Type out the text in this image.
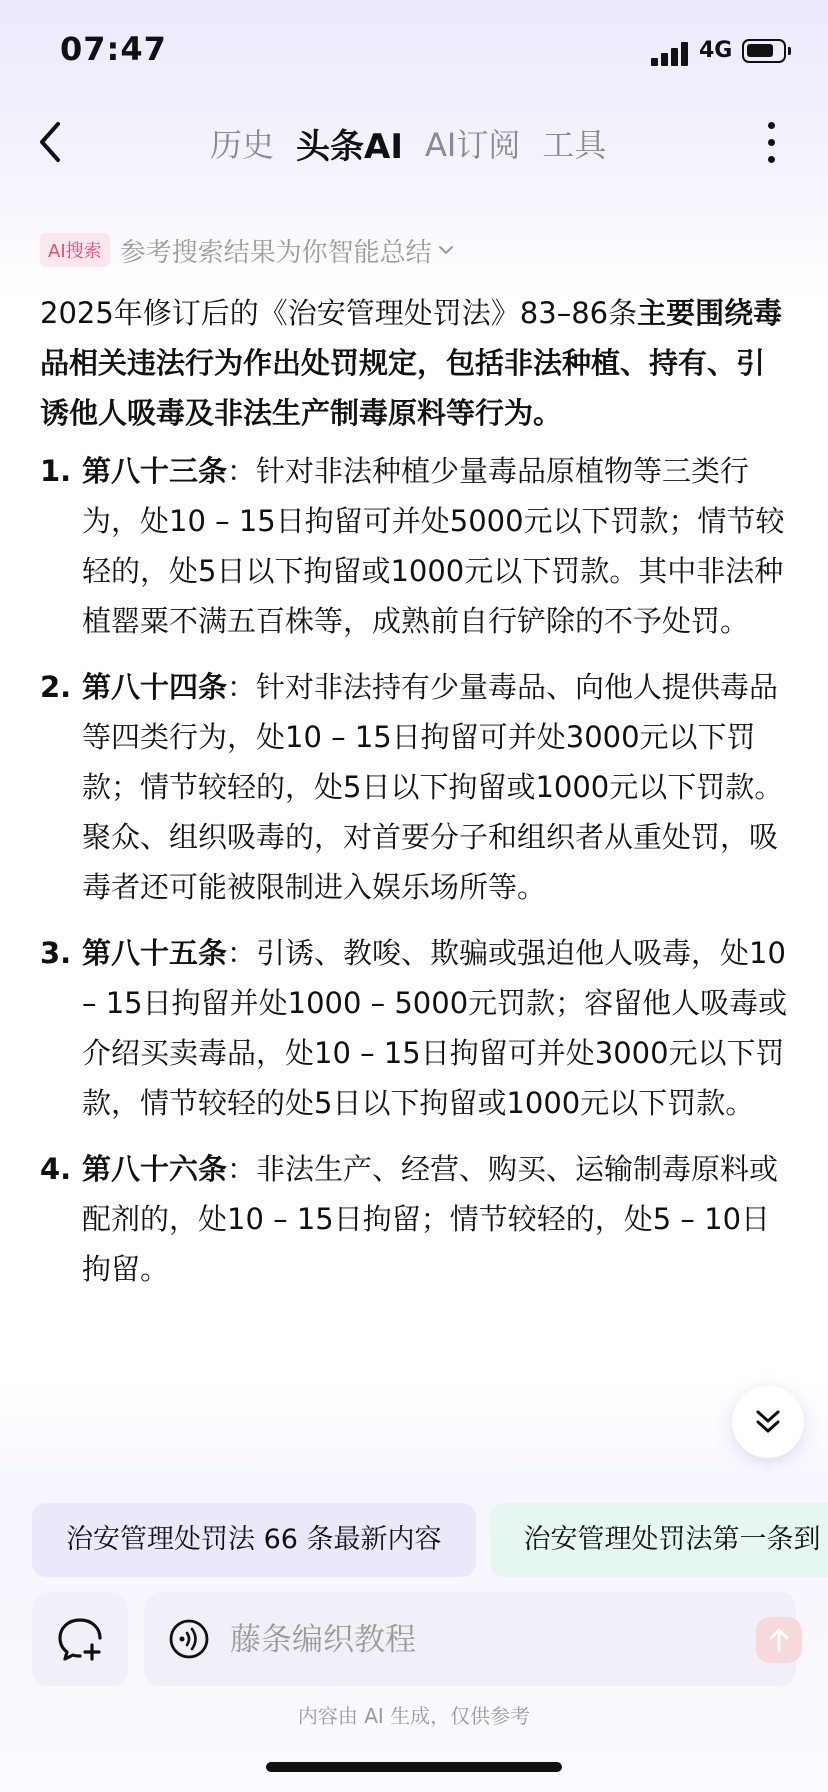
07:47	4G
历史 头条AI AI订阅 工具
AI搜索 参考搜索结果为你智能总结

2025年修订后的《治安管理处罚法》83–86条主要围绕毒品相关违法行为作出处罚规定，包括非法种植、持有、引诱他人吸毒及非法生产制毒原料等行为。

1. 第八十三条：针对非法种植少量毒品原植物等三类行为，处10 – 15日拘留可并处5000元以下罚款；情节较轻的，处5日以下拘留或1000元以下罚款。其中非法种植罂粟不满五百株等，成熟前自行铲除的不予处罚。
2. 第八十四条：针对非法持有少量毒品、向他人提供毒品等四类行为，处10 – 15日拘留可并处3000元以下罚款；情节较轻的，处5日以下拘留或1000元以下罚款。聚众、组织吸毒的，对首要分子和组织者从重处罚，吸毒者还可能被限制进入娱乐场所等。
3. 第八十五条：引诱、教唆、欺骗或强迫他人吸毒，处10 – 15日拘留并处1000 – 5000元罚款；容留他人吸毒或介绍买卖毒品，处10 – 15日拘留可并处3000元以下罚款，情节较轻的处5日以下拘留或1000元以下罚款。
4. 第八十六条：非法生产、经营、购买、运输制毒原料或配剂的，处10 – 15日拘留；情节较轻的，处5 – 10日拘留。
治安管理处罚法 66 条最新内容	治安管理处罚法第一条到
藤条编织教程
内容由 AI 生成，仅供参考
